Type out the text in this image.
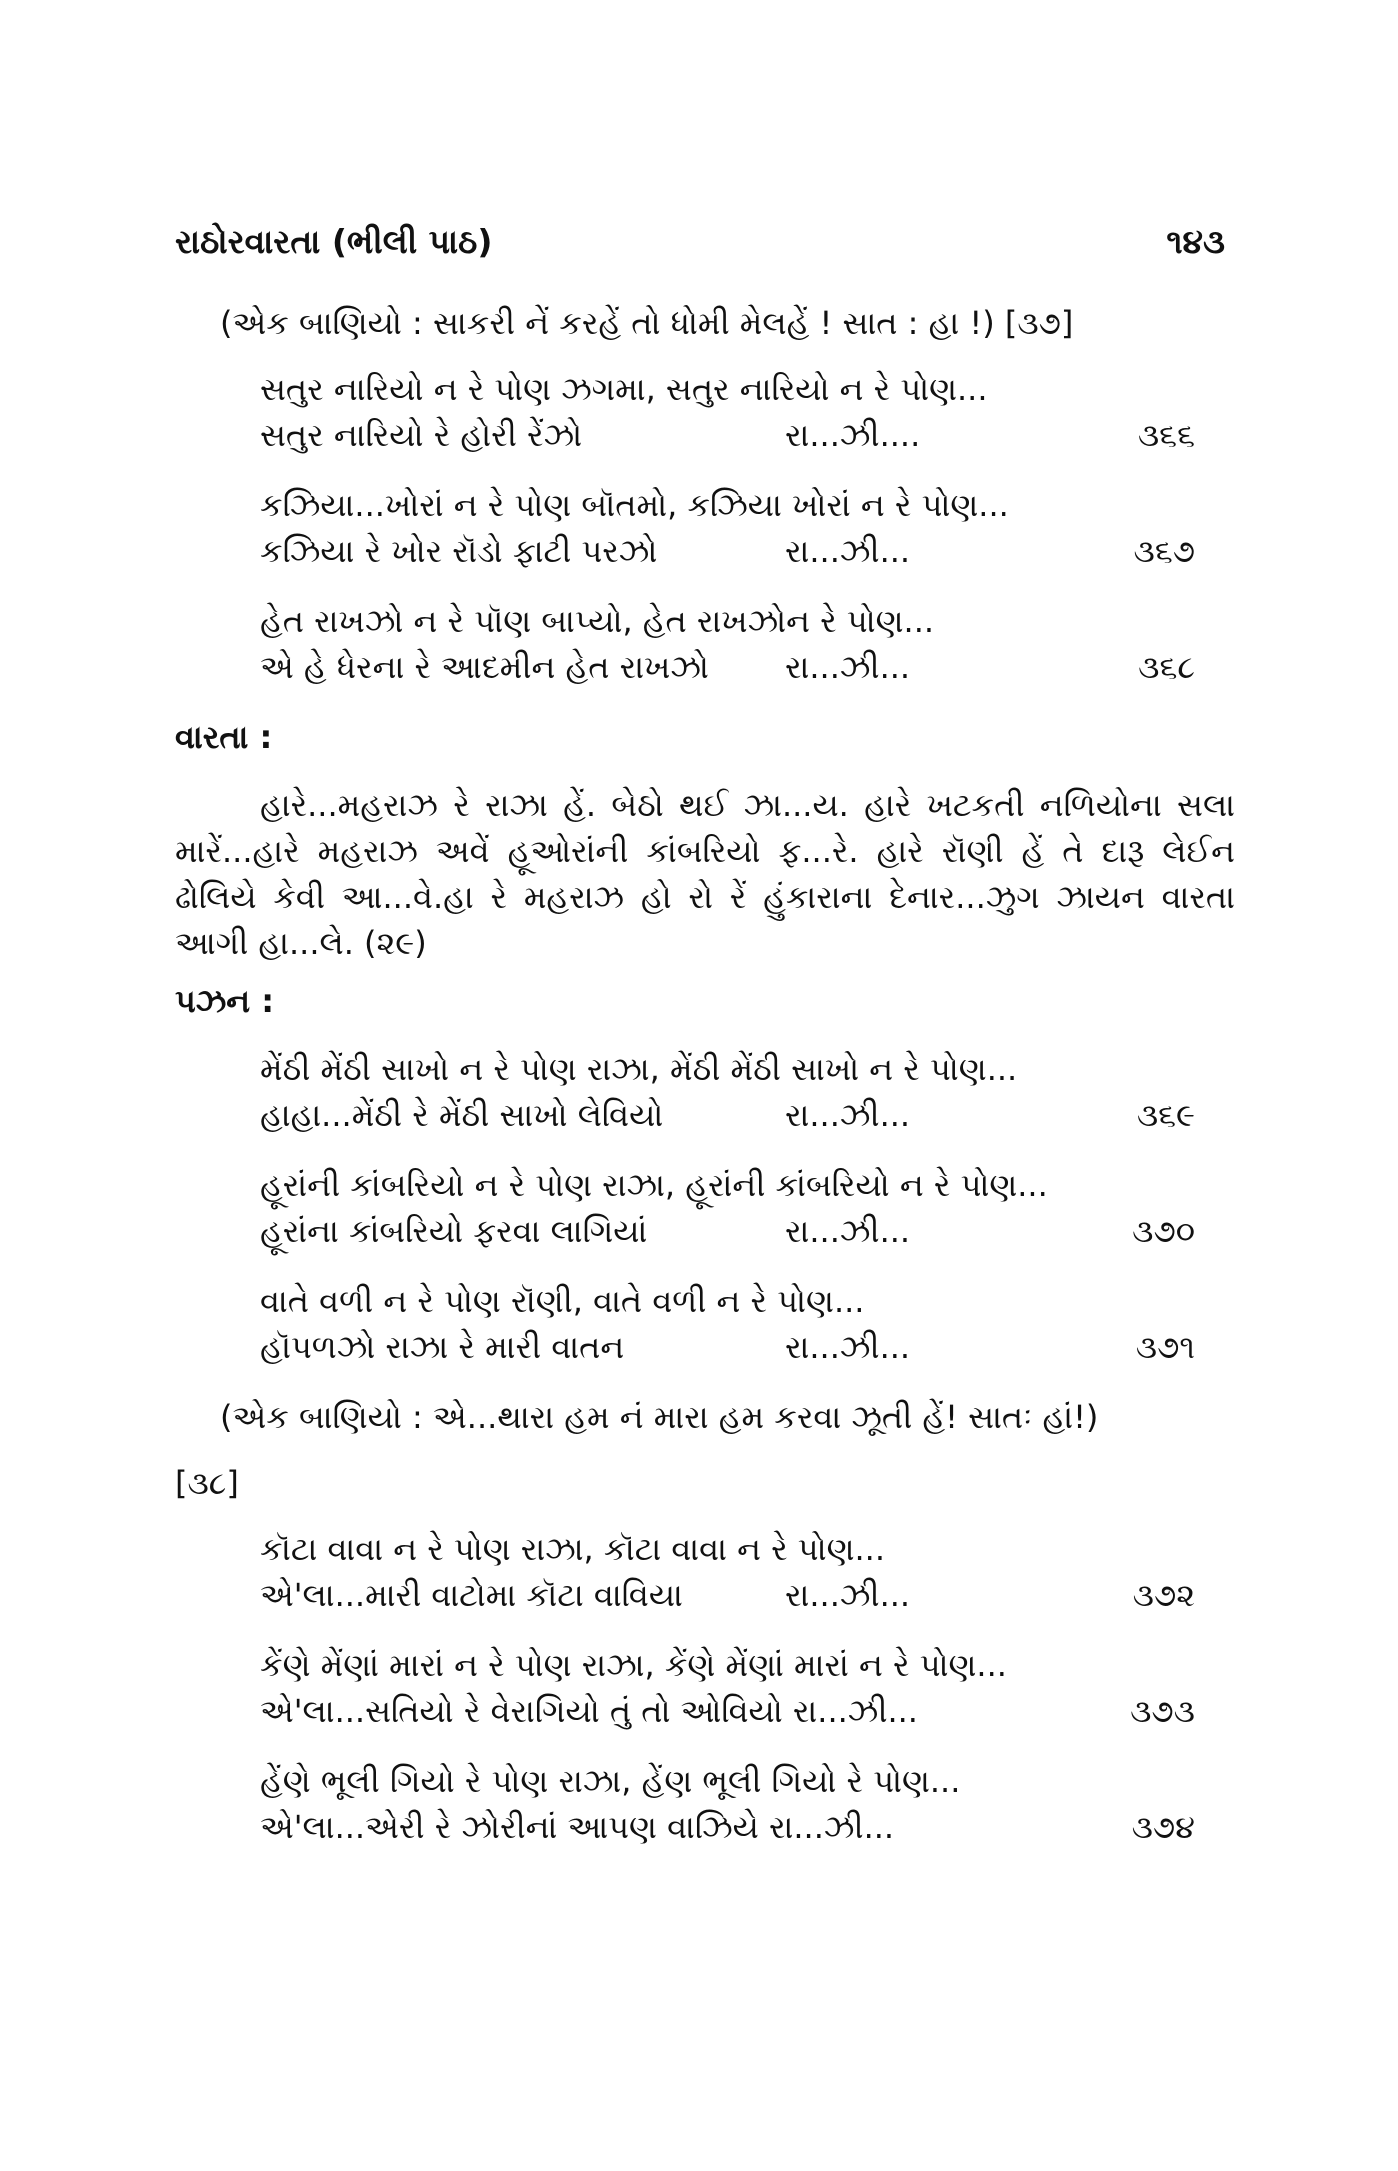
રાઠોરવારતા (ભીલી પાઠ)	૧૪૩
(એક બાણિયો : સાકરી નેં કરહેં તો ધોમી મેલહેં ! સાત : હા !) [૩૭]
સતુર નારિયો ન રે પોણ ઝગમા, સતુર નારિયો ન રે પોણ...
સતુર નારિયો રે હોરી રેંઝો	રા...ઝી....	૩૬૬
કઝિયા...ખોરાં ન રે પોણ બૉતમો, કઝિયા ખોરાં ન રે પોણ...
કઝિયા રે ખોર રૉડો ફાટી પરઝો	રા...ઝી...	૩૬૭
હેત રાખઝો ન રે પૉણ બાપ્યો, હેત રાખઝોન રે પોણ...
એ હે ધેરના રે આદમીન હેત રાખઝો	રા...ઝી...	૩૬૮
વારતા :

હારે...મહરાઝ રે રાઝા હેં. બેઠો થઈ ઝા...ય. હારે ખટકતી નળિયોના સલા મારેં...હારે મહરાઝ અવેં હૂઓરાંની કાંબરિયો ફ...રે. હારે રૉણી હેં તે દારૂ લેઈન ઢોલિયે કેવી આ...વે.હા રે મહરાઝ હો રો રેં હુંકારાના દેનાર...ઝુગ ઝાયન વારતા આગી હા...લે. (૨૯)

પઝન :
મેંઠી મેંઠી સાખો ન રે પોણ રાઝા, મેંઠી મેંઠી સાખો ન રે પોણ...
હાહા...મેંઠી રે મેંઠી સાખો લેવિયો	રા...ઝી...	૩૬૯
હૂરાંની કાંબરિયો ન રે પોણ રાઝા, હૂરાંની કાંબરિયો ન રે પોણ...
હૂરાંના કાંબરિયો ફરવા લાગિયાં	રા...ઝી...	૩૭૦
વાતે વળી ન રે પોણ રૉણી, વાતે વળી ન રે પોણ...
હૉપળઝો રાઝા રે મારી વાતન	રા...ઝી...	૩૭૧
(એક બાણિયો : એ...થારા હમ નં મારા હમ કરવા ઝૂતી હેં! સાતઃ હાં!)
[૩૮]
કૉટા વાવા ન રે પોણ રાઝા, કૉટા વાવા ન રે પોણ...
એ'લા...મારી વાટોમા કૉટા વાવિયા	રા...ઝી...	૩૭૨
કેંણે મેંણાં મારાં ન રે પોણ રાઝા, કેંણે મેંણાં મારાં ન રે પોણ...
એ'લા...સતિયો રે વેરાગિયો તું તો ઓવિયો રા...ઝી...	૩૭૩
હેંણે ભૂલી ગિયો રે પોણ રાઝા, હેંણ ભૂલી ગિયો રે પોણ...
એ'લા...એરી રે ઝોરીનાં આપણ વાઝિયે રા...ઝી...	૩૭૪
